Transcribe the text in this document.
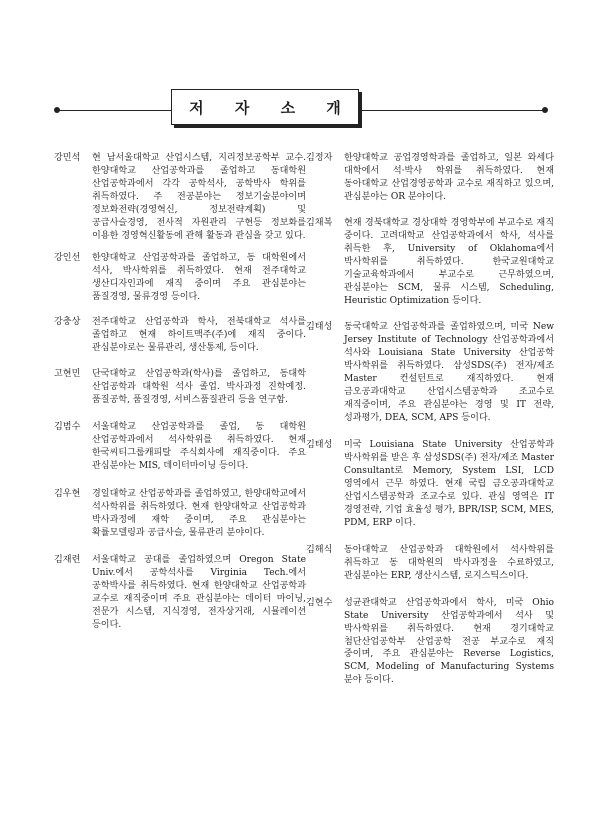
저 자 소 개
강민석	현 남서울대학교 산업시스템, 지리정보공학부 교수. 한양대학교 산업공학과를 졸업하고 동대학원 산업공학과에서 각각 공학석사, 공학박사 학위를 취득하였다. 주 전공분야는 정보기술분야이며 정보화전략(경영혁신, 정보전략계획) 및 공급사슬경영, 전사적 자원관리 구현등 정보화를 이용한 경영혁신활동에 관해 활동과 관심을 갖고 있다.
강인선	한양대학교 산업공학과를 졸업하고, 동 대학원에서 석사, 박사학위를 취득하였다. 현재 전주대학교 생산디자인과에 재직 중이며 주요 관심분야는 품질경영, 물류경영 등이다.
강충상	전주대학교 산업공학과 학사, 전북대학교 석사를 졸업하고 현재 하이트맥주(주)에 재직 중이다. 관심분야로는 물류관리, 생산통제, 등이다.
고현민	단국대학교 산업공학과(학사)를 졸업하고, 동대학 산업공학과 대학원 석사 졸업. 박사과정 진학예정. 품질공학, 품질경영, 서비스품질관리 등을 연구함.
김범수	서울대학교 산업공학과를 졸업, 동 대학원 산업공학과에서 석사학위를 취득하였다. 현재 한국씨티그룹캐피탈 주식회사에 재직중이다. 주요 관심분야는 MIS, 데이터마이닝 등이다.
김우현	경일대학교 산업공학과를 졸업하였고, 한양대학교에서 석사학위를 취득하였다. 현재 한양대학교 산업공학과 박사과정에 재학 중이며, 주요 관심분야는 확률모델링과 공급사슬, 물류관리 분야이다.
김재련	서울대학교 공대를 졸업하였으며 Oregon State Univ.에서 공학석사를 Virginia Tech.에서 공학박사를 취득하였다. 현재 한양대학교 산업공학과 교수로 재직중이며 주요 관심분야는 데이터 마이닝, 전문가 시스템, 지식경영, 전자상거래, 시뮬레이션 등이다.
김정자	한양대학교 공업경영학과를 졸업하고, 일본 와세다 대학에서 석·박사 학위를 취득하였다. 현재 동아대학교 산업경영공학과 교수로 재직하고 있으며, 관심분야는 OR 분야이다.
김채복	현재 경북대학교 경상대학 경영학부에 부교수로 재직 중이다. 고려대학교 산업공학과에서 학사, 석사를 취득한 후, University of Oklahoma에서 박사학위를 취득하였다. 한국교원대학교 기술교육학과에서 부교수로 근무하였으며, 관심분야는 SCM, 물류 시스템, Scheduling, Heuristic Optimization 등이다.
김태성	동국대학교 산업공학과를 졸업하였으며, 미국 New Jersey Institute of Technology 산업공학과에서 석사와 Louisiana State University 산업공학 박사학위를 취득하였다. 삼성SDS(주) 전자/제조 Master 컨설턴트로 재직하였다. 현재 금오공과대학교 산업시스템공학과 조교수로 재직중이며, 주요 관심분야는 경영 및 IT 전략, 성과평가, DEA, SCM, APS 등이다.
김태성	미국 Louisiana State University 산업공학과 박사학위를 받은 후 삼성SDS(주) 전자/제조 Master Consultant로 Memory, System LSI, LCD 영역에서 근무 하였다. 현재 국립 금오공과대학교 산업시스템공학과 조교수로 있다. 관심 영역은 IT 경영전략, 기업 효율성 평가, BPR/ISP, SCM, MES, PDM, ERP 이다.
김해식	동아대학교 산업공학과 대학원에서 석사학위를 취득하고 동 대학원의 박사과정을 수료하였고, 관심분야는 ERP, 생산시스템, 로지스틱스이다.
김현수	성균관대학교 산업공학과에서 학사, 미국 Ohio State University 산업공학과에서 석사 및 박사학위를 취득하였다. 현재 경기대학교 첨단산업공학부 산업공학 전공 부교수로 재직 중이며, 주요 관심분야는 Reverse Logistics, SCM, Modeling of Manufacturing Systems 분야 등이다.
